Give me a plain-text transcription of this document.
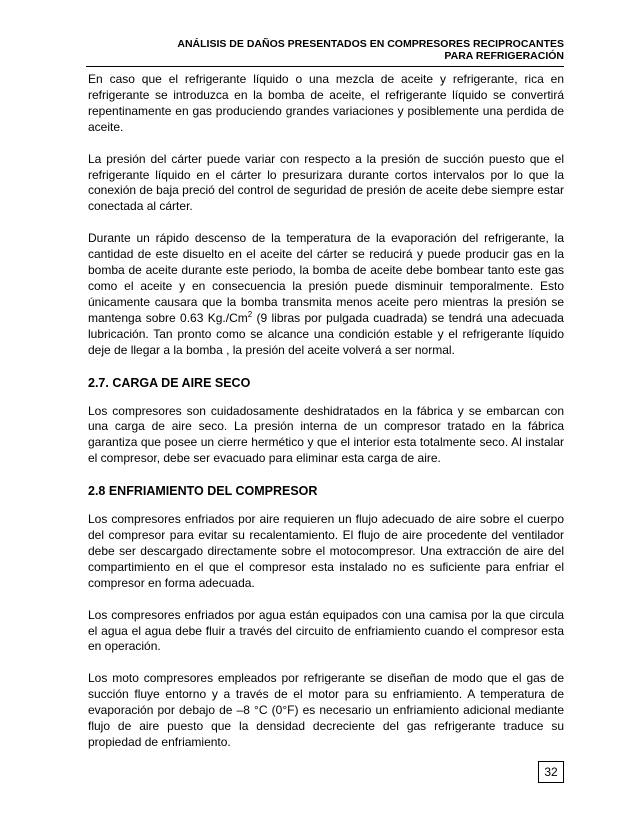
ANÁLISIS DE DAÑOS PRESENTADOS EN COMPRESORES RECIPROCANTES
PARA REFRIGERACIÓN

En caso que el refrigerante líquido o una mezcla de aceite y refrigerante, rica en refrigerante se introduzca en la bomba de aceite, el refrigerante líquido se convertirá repentinamente en gas produciendo grandes variaciones y posiblemente una perdida de aceite.

La presión del cárter puede variar con respecto a la presión de succión puesto que el refrigerante líquido en el cárter lo presurizara durante cortos intervalos por lo que la conexión de baja preció del control de seguridad de presión de aceite debe siempre estar conectada al cárter.

Durante un rápido descenso de la temperatura de la evaporación del refrigerante, la cantidad de este disuelto en el aceite del cárter se reducirá y puede producir gas en la bomba de aceite durante este periodo, la bomba de aceite debe bombear tanto este gas como el aceite y en consecuencia la presión puede disminuir temporalmente. Esto únicamente causara que la bomba transmita menos aceite pero mientras la presión se mantenga sobre 0.63 Kg./Cm$^2$ (9 libras por pulgada cuadrada) se tendrá una adecuada lubricación. Tan pronto como se alcance una condición estable y el refrigerante líquido deje de llegar a la bomba , la presión del aceite volverá a ser normal.

2.7. CARGA DE AIRE SECO

Los compresores son cuidadosamente deshidratados en la fábrica y se embarcan con una carga de aire seco. La presión interna de un compresor tratado en la fábrica garantiza que posee un cierre hermético y que el interior esta totalmente seco. Al instalar el compresor, debe ser evacuado para eliminar esta carga de aire.

2.8 ENFRIAMIENTO DEL COMPRESOR

Los compresores enfriados por aire requieren un flujo adecuado de aire sobre el cuerpo del compresor para evitar su recalentamiento. El flujo de aire procedente del ventilador debe ser descargado directamente sobre el motocompresor. Una extracción de aire del compartimiento en el que el compresor esta instalado no es suficiente para enfriar el compresor en forma adecuada.

Los compresores enfriados por agua están equipados con una camisa por la que circula el agua el agua debe fluir a través del circuito de enfriamiento cuando el compresor esta en operación.

Los moto compresores empleados por refrigerante se diseñan de modo que el gas de succión fluye entorno y a través de el motor para su enfriamiento. A temperatura de evaporación por debajo de –8 °C (0°F) es necesario un enfriamiento adicional mediante flujo de aire puesto que la densidad decreciente del gas refrigerante traduce su propiedad de enfriamiento.

32
